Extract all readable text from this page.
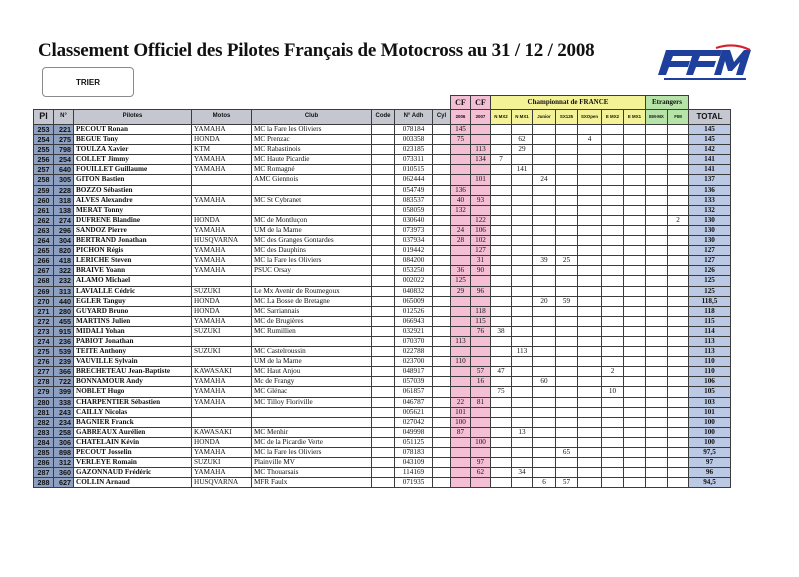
Classement Officiel des Pilotes Français de Motocross au 31 / 12 / 2008
TRIER
FFM
								CF	CF	Championnat de FRANCE							Etrangers		
Pl	N°	Pilotes	Motos	Club	Code	N° Adh	Cyl	2006	2007	N MX2	N MX1	Junior	SX125	SXOpen	E MX2	E MX1	EM-MX	FIM	TOTAL
253	221	PECOUT Ronan	YAMAHA	MC la Fare les Oliviers		078184		145											145
254	275	BEGUE Tony	HONDA	MC Prenzac		003358		75			62			4					145
255	798	TOULZA Xavier	KTM	MC Rabastinois		023185			113		29								142
256	254	COLLET Jimmy	YAMAHA	MC Haute Picardie		073311			134	7									141
257	640	FOUILLET Guillaume	YAMAHA	MC Romagné		010515					141								141
258	305	GITON Bastien		AMC Giennois		062444			101			24							137
259	228	BOZZO Sébastien				054749		136											136
260	318	ALVES Alexandre	YAMAHA	MC St Cybranet		083537		40	93										133
261	138	MERAT Tonny				058059		132											132
262	274	DUFRENE Blandine	HONDA	MC de Montluçon		030640			122									2	130
263	296	SANDOZ Pierre	YAMAHA	UM de la Marne		073973		24	106										130
264	304	BERTRAND Jonathan	HUSQVARNA	MC des Granges Gontardes		037934		28	102										130
265	820	PICHON Régis	YAMAHA	MC des Dauphins		019442			127										127
266	418	LERICHE Steven	YAMAHA	MC la Fare les Oliviers		084200			31			39	25						127
267	322	BRAIVE Yoann	YAMAHA	PSUC Orsay		053250		36	90										126
268	232	ALAMO Michael				002022		125											125
269	313	LAVIALLE Cédric	SUZUKI	Le Mx Avenir de Roumegoux		040832		29	96										125
270	440	EGLER Tanguy	HONDA	MC La Bosse de Bretagne		065009						20	59						118,5
271	280	GUYARD Bruno	HONDA	MC Sarriannais		012526			118										118
272	455	MARTINS Julien	YAMAHA	MC de Brugières		066943			115										115
273	915	MIDALI Yohan	SUZUKI	MC Rumillien		032921			76	38									114
274	236	PABIOT Jonathan				070370		113											113
275	539	TEITE Anthony	SUZUKI	MC Castelroussin		022788					113								113
276	239	VAUVILLE Sylvain		UM de la Marne		023700		110											110
277	366	BRECHETEAU Jean-Baptiste	KAWASAKI	MC Haut Anjou		048917			57	47					2				110
278	722	BONNAMOUR Andy	YAMAHA	Mc de Frangy		057039			16			60							106
279	399	NOBLET Hugo	YAMAHA	MC Glénac		061857				75					10				105
280	338	CHARPENTIER Sébastien	YAMAHA	MC Tilloy Floriville		046787		22	81										103
281	243	CAILLY Nicolas				005621		101											101
282	234	BAGNIER Franck				027042		100											100
283	258	GABREAUX Aurélien	KAWASAKI	MC Menhir		049998		87			13								100
284	306	CHATELAIN Kévin	HONDA	MC de la Picardie Verte		051125			100										100
285	898	PECOUT Josselin	YAMAHA	MC la Fare les Oliviers		078183							65						97,5
286	312	VERLEYE Romain	SUZUKI	Plainville MV		043109			97										97
287	360	GAZONNAUD Frédéric	YAMAHA	MC Thouarsais		114169			62		34								96
288	627	COLLIN Arnaud	HUSQVARNA	MFR Faulx		071935						6	57						94,5
